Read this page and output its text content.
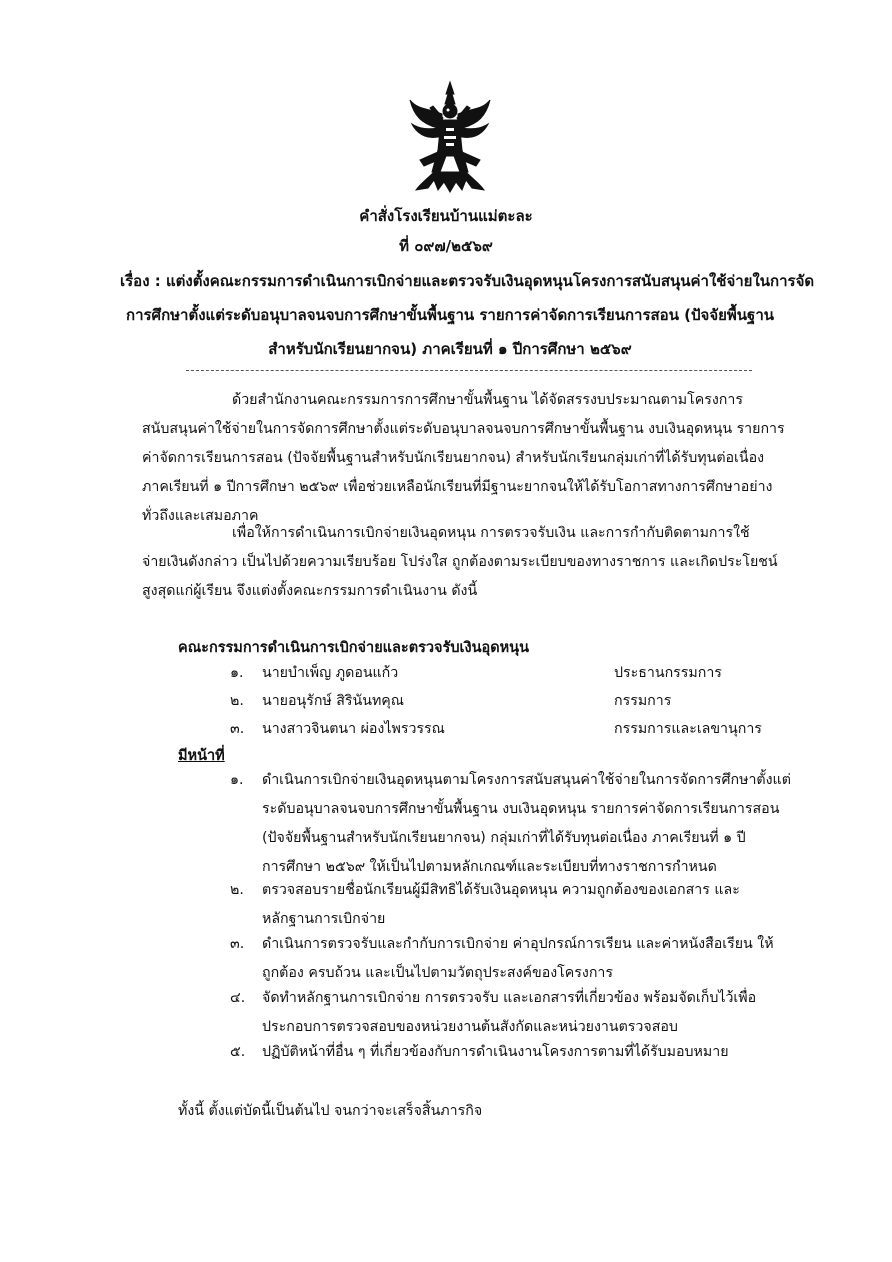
คำสั่งโรงเรียนบ้านแม่ตะละ
ที่ ๐๙๗/๒๕๖๙
เรื่อง : แต่งตั้งคณะกรรมการดำเนินการเบิกจ่ายและตรวจรับเงินอุดหนุนโครงการสนับสนุนค่าใช้จ่ายในการจัด
การศึกษาตั้งแต่ระดับอนุบาลจนจบการศึกษาขั้นพื้นฐาน รายการค่าจัดการเรียนการสอน (ปัจจัยพื้นฐาน
สำหรับนักเรียนยากจน) ภาคเรียนที่ ๑ ปีการศึกษา ๒๕๖๙
ด้วยสำนักงานคณะกรรมการการศึกษาขั้นพื้นฐาน ได้จัดสรรงบประมาณตามโครงการ
สนับสนุนค่าใช้จ่ายในการจัดการศึกษาตั้งแต่ระดับอนุบาลจนจบการศึกษาขั้นพื้นฐาน งบเงินอุดหนุน รายการ
ค่าจัดการเรียนการสอน (ปัจจัยพื้นฐานสำหรับนักเรียนยากจน) สำหรับนักเรียนกลุ่มเก่าที่ได้รับทุนต่อเนื่อง
ภาคเรียนที่ ๑ ปีการศึกษา ๒๕๖๙ เพื่อช่วยเหลือนักเรียนที่มีฐานะยากจนให้ได้รับโอกาสทางการศึกษาอย่าง
ทั่วถึงและเสมอภาค
เพื่อให้การดำเนินการเบิกจ่ายเงินอุดหนุน การตรวจรับเงิน และการกำกับติดตามการใช้
จ่ายเงินดังกล่าว เป็นไปด้วยความเรียบร้อย โปร่งใส ถูกต้องตามระเบียบของทางราชการ และเกิดประโยชน์
สูงสุดแก่ผู้เรียน จึงแต่งตั้งคณะกรรมการดำเนินงาน ดังนี้
คณะกรรมการดำเนินการเบิกจ่ายและตรวจรับเงินอุดหนุน
๑. นายบำเพ็ญ ภูดอนแก้ว	ประธานกรรมการ
๒. นายอนุรักษ์ สิรินันทคุณ	กรรมการ
๓. นางสาวจินตนา ผ่องไพรวรรณ	กรรมการและเลขานุการ
มีหน้าที่
๑. ดำเนินการเบิกจ่ายเงินอุดหนุนตามโครงการสนับสนุนค่าใช้จ่ายในการจัดการศึกษาตั้งแต่
ระดับอนุบาลจนจบการศึกษาขั้นพื้นฐาน งบเงินอุดหนุน รายการค่าจัดการเรียนการสอน
(ปัจจัยพื้นฐานสำหรับนักเรียนยากจน) กลุ่มเก่าที่ได้รับทุนต่อเนื่อง ภาคเรียนที่ ๑ ปี
การศึกษา ๒๕๖๙ ให้เป็นไปตามหลักเกณฑ์และระเบียบที่ทางราชการกำหนด
๒. ตรวจสอบรายชื่อนักเรียนผู้มีสิทธิได้รับเงินอุดหนุน ความถูกต้องของเอกสาร และ
หลักฐานการเบิกจ่าย
๓. ดำเนินการตรวจรับและกำกับการเบิกจ่าย ค่าอุปกรณ์การเรียน และค่าหนังสือเรียน ให้
ถูกต้อง ครบถ้วน และเป็นไปตามวัตถุประสงค์ของโครงการ
๔. จัดทำหลักฐานการเบิกจ่าย การตรวจรับ และเอกสารที่เกี่ยวข้อง พร้อมจัดเก็บไว้เพื่อ
ประกอบการตรวจสอบของหน่วยงานต้นสังกัดและหน่วยงานตรวจสอบ
๕. ปฏิบัติหน้าที่อื่น ๆ ที่เกี่ยวข้องกับการดำเนินงานโครงการตามที่ได้รับมอบหมาย
ทั้งนี้ ตั้งแต่บัดนี้เป็นต้นไป จนกว่าจะเสร็จสิ้นภารกิจ
